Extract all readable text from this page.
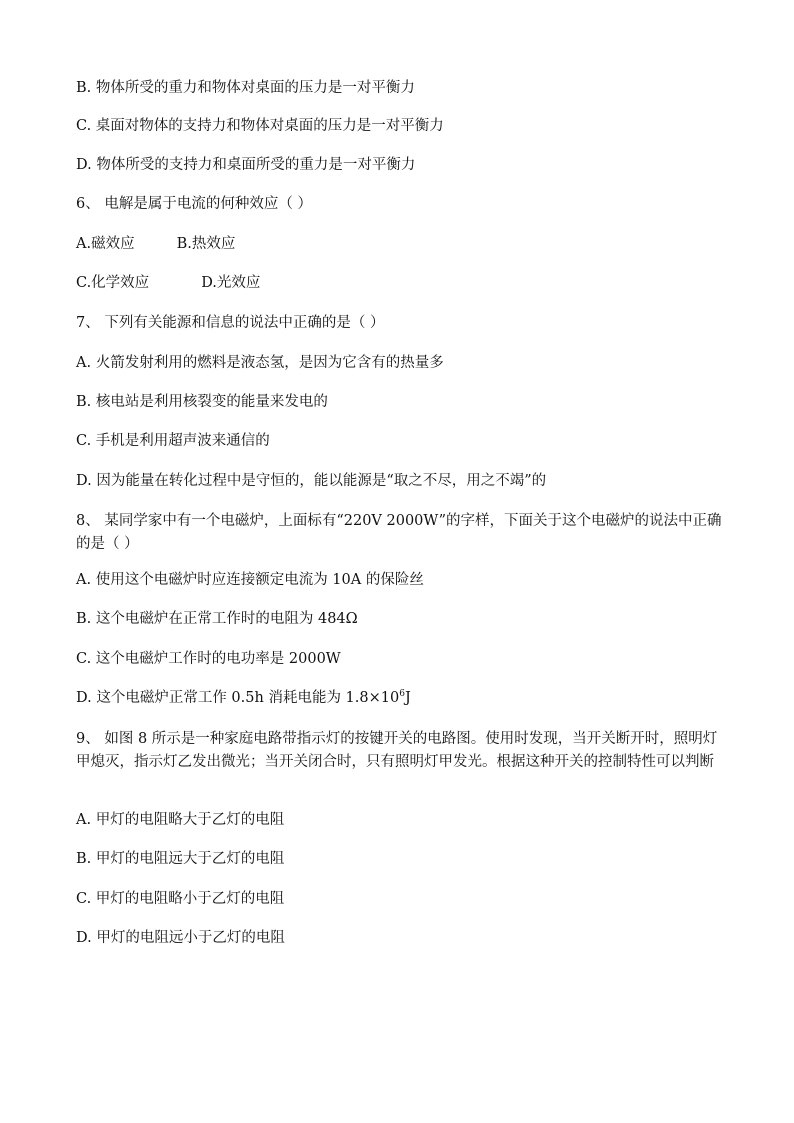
B. 物体所受的重力和物体对桌面的压力是一对平衡力
C. 桌面对物体的支持力和物体对桌面的压力是一对平衡力
D. 物体所受的支持力和桌面所受的重力是一对平衡力
6、 电解是属于电流的何种效应（ ）
A.磁效应	B.热效应
C.化学效应	D.光效应
7、 下列有关能源和信息的说法中正确的是（ ）
A. 火箭发射利用的燃料是液态氢，是因为它含有的热量多
B. 核电站是利用核裂变的能量来发电的
C. 手机是利用超声波来通信的
D. 因为能量在转化过程中是守恒的，能以能源是“取之不尽，用之不竭”的
8、 某同学家中有一个电磁炉，上面标有“220V 2000W”的字样，下面关于这个电磁炉的说法中正确的是（ ）
A. 使用这个电磁炉时应连接额定电流为 10A 的保险丝
B. 这个电磁炉在正常工作时的电阻为 484Ω
C. 这个电磁炉工作时的电功率是 2000W
D. 这个电磁炉正常工作 0.5h 消耗电能为 $1.8\times 10^6J$
9、 如图 8 所示是一种家庭电路带指示灯的按键开关的电路图。使用时发现，当开关断开时，照明灯甲熄灭，指示灯乙发出微光；当开关闭合时，只有照明灯甲发光。根据这种开关的控制特性可以判断
A. 甲灯的电阻略大于乙灯的电阻
B. 甲灯的电阻远大于乙灯的电阻
C. 甲灯的电阻略小于乙灯的电阻
D. 甲灯的电阻远小于乙灯的电阻
